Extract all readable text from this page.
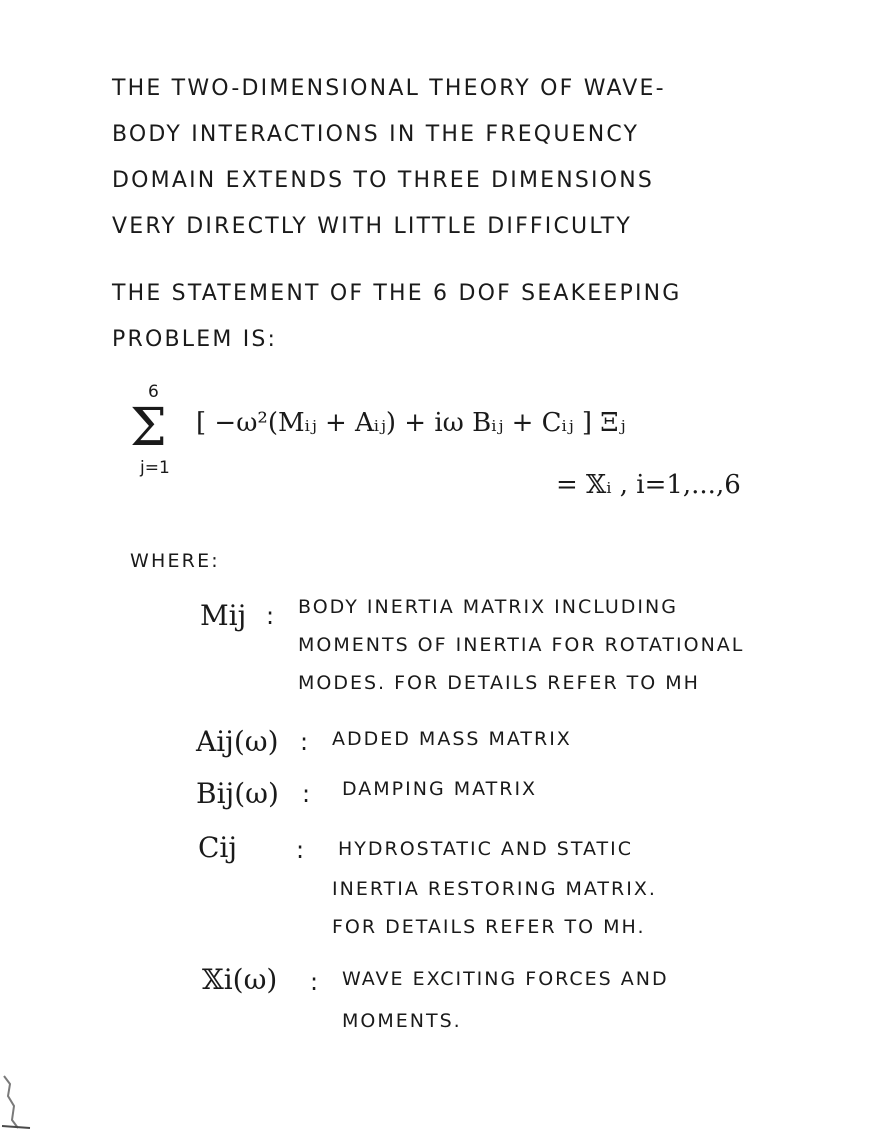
THE TWO-DIMENSIONAL THEORY OF WAVE-
BODY INTERACTIONS IN THE FREQUENCY
DOMAIN EXTENDS TO THREE DIMENSIONS
VERY DIRECTLY WITH LITTLE DIFFICULTY
THE STATEMENT OF THE 6 DOF SEAKEEPING
PROBLEM IS:
6
Σ
j=1
[ −ω²(Mᵢⱼ + Aᵢⱼ) + iω Bᵢⱼ + Cᵢⱼ ] Ξⱼ
= 𝕏ᵢ , i=1,...,6
WHERE:
Mij : BODY INERTIA MATRIX INCLUDING
MOMENTS OF INERTIA FOR ROTATIONAL
MODES. FOR DETAILS REFER TO MH
Aij(ω) : ADDED MASS MATRIX
Bij(ω) : DAMPING MATRIX
Cij : HYDROSTATIC AND STATIC
INERTIA RESTORING MATRIX.
FOR DETAILS REFER TO MH.
𝕏i(ω) : WAVE EXCITING FORCES AND
MOMENTS.
